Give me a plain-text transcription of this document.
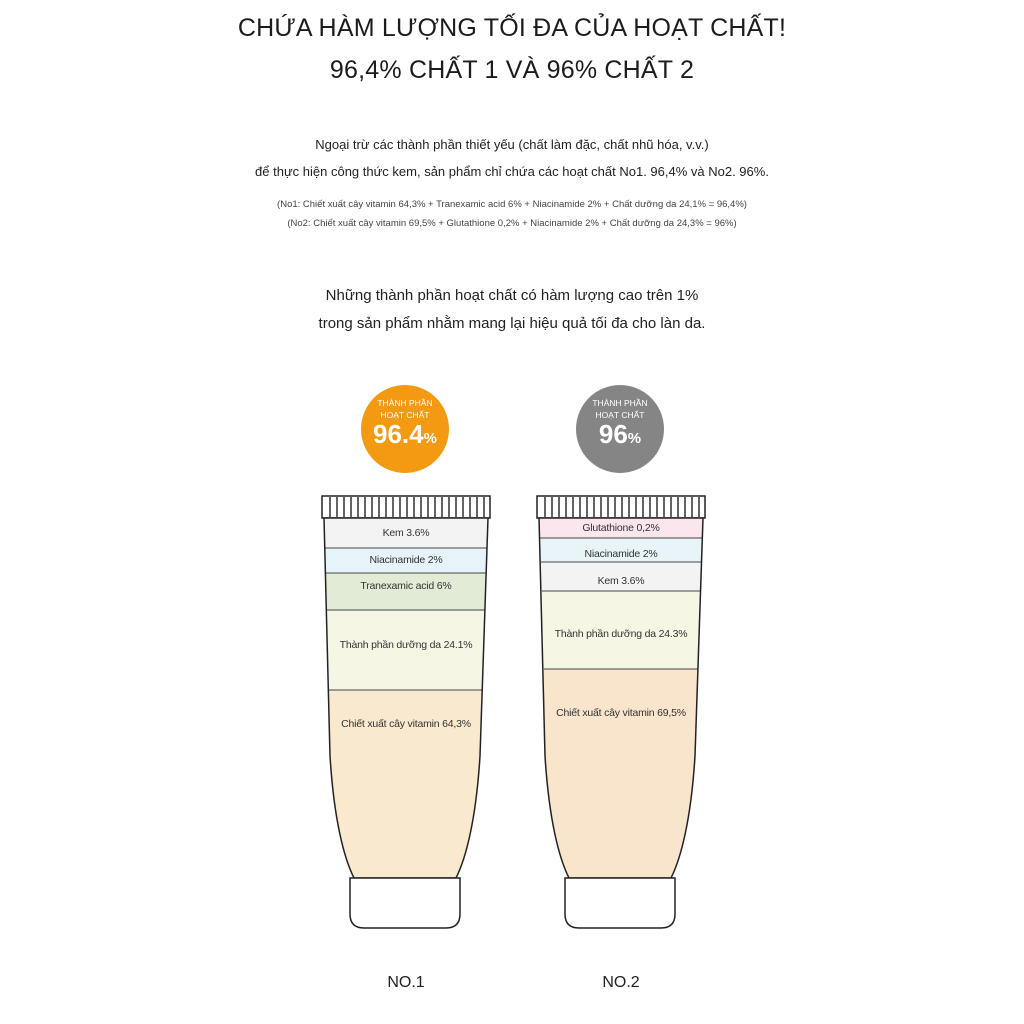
CHỨA HÀM LƯỢNG TỐI ĐA CỦA HOẠT CHẤT!
96,4% CHẤT 1 VÀ 96% CHẤT 2
Ngoại trừ các thành phần thiết yếu (chất làm đặc, chất nhũ hóa, v.v.)
để thực hiện công thức kem, sản phẩm chỉ chứa các hoạt chất No1. 96,4% và No2. 96%.
(No1: Chiết xuất cây vitamin 64,3% + Tranexamic acid 6% + Niacinamide 2% + Chất dưỡng da 24,1% = 96,4%)
(No2: Chiết xuất cây vitamin 69,5% + Glutathione 0,2% + Niacinamide 2% + Chất dưỡng da 24,3% = 96%)
Những thành phần hoạt chất có hàm lượng cao trên 1%
trong sản phẩm nhằm mang lại hiệu quả tối đa cho làn da.
THÀNH PHẦN
HOẠT CHẤT
96.4%
THÀNH PHẦN
HOẠT CHẤT
96%
Kem 3.6%
Niacinamide 2%
Tranexamic acid 6%
Thành phần dưỡng da 24.1%
Chiết xuất cây vitamin 64,3%
Glutathione 0,2%
Niacinamide 2%
Kem 3.6%
Thành phần dưỡng da 24.3%
Chiết xuất cây vitamin 69,5%
NO.1	NO.2
